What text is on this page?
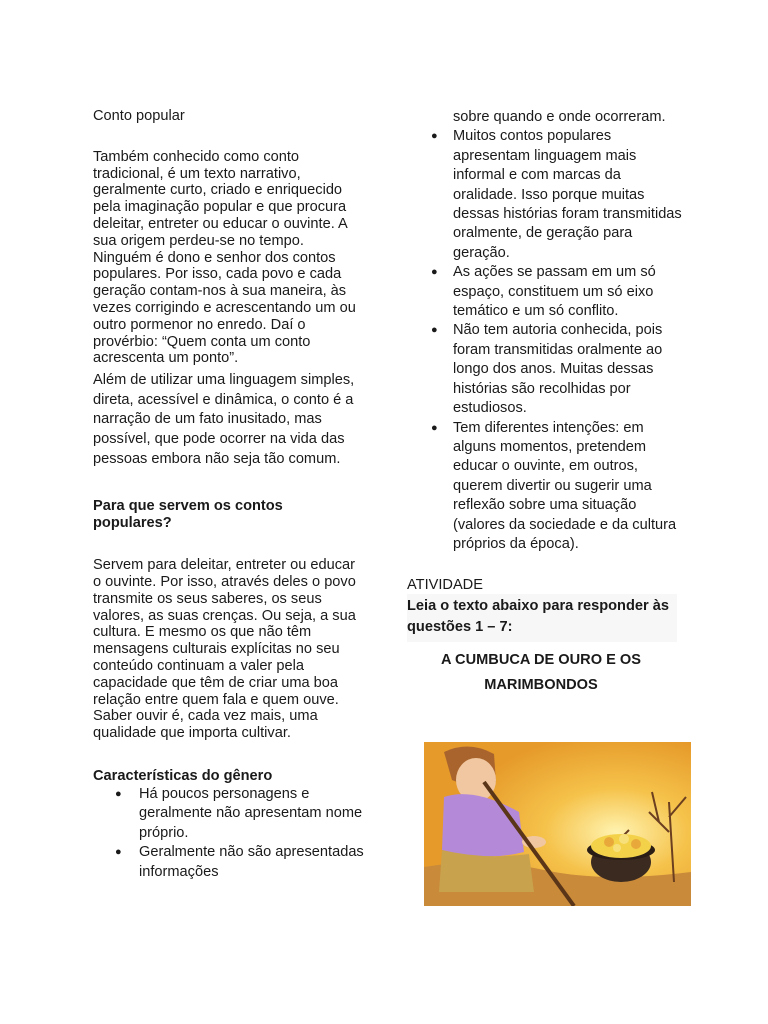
Conto popular

Também conhecido como conto tradicional, é um texto narrativo, geralmente curto, criado e enriquecido pela imaginação popular e que procura deleitar, entreter ou educar o ouvinte. A sua origem perdeu-se no tempo. Ninguém é dono e senhor dos contos populares. Por isso, cada povo e cada geração contam-nos à sua maneira, às vezes corrigindo e acrescentando um ou outro pormenor no enredo. Daí o provérbio: “Quem conta um conto acrescenta um ponto”.

Além de utilizar uma linguagem simples, direta, acessível e dinâmica, o conto é a narração de um fato inusitado, mas possível, que pode ocorrer na vida das pessoas embora não seja tão comum.

Para que servem os contos populares?

Servem para deleitar, entreter ou educar o ouvinte. Por isso, através deles o povo transmite os seus saberes, os seus valores, as suas crenças. Ou seja, a sua cultura. E mesmo os que não têm mensagens culturais explícitas no seu conteúdo continuam a valer pela capacidade que têm de criar uma boa relação entre quem fala e quem ouve. Saber ouvir é, cada vez mais, uma qualidade que importa cultivar.

Características do gênero

● Há poucos personagens e geralmente não apresentam nome próprio.
● Geralmente não são apresentadas informações
sobre quando e onde ocorreram.
● Muitos contos populares apresentam linguagem mais informal e com marcas da oralidade. Isso porque muitas dessas histórias foram transmitidas oralmente, de geração para geração.
● As ações se passam em um só espaço, constituem um só eixo temático e um só conflito.
● Não tem autoria conhecida, pois foram transmitidas oralmente ao longo dos anos. Muitas dessas histórias são recolhidas por estudiosos.
● Tem diferentes intenções: em alguns momentos, pretendem educar o ouvinte, em outros, querem divertir ou sugerir uma reflexão sobre uma situação (valores da sociedade e da cultura próprios da época).
ATIVIDADE
Leia o texto abaixo para responder às questões 1 – 7:
A CUMBUCA DE OURO E OS MARIMBONDOS
